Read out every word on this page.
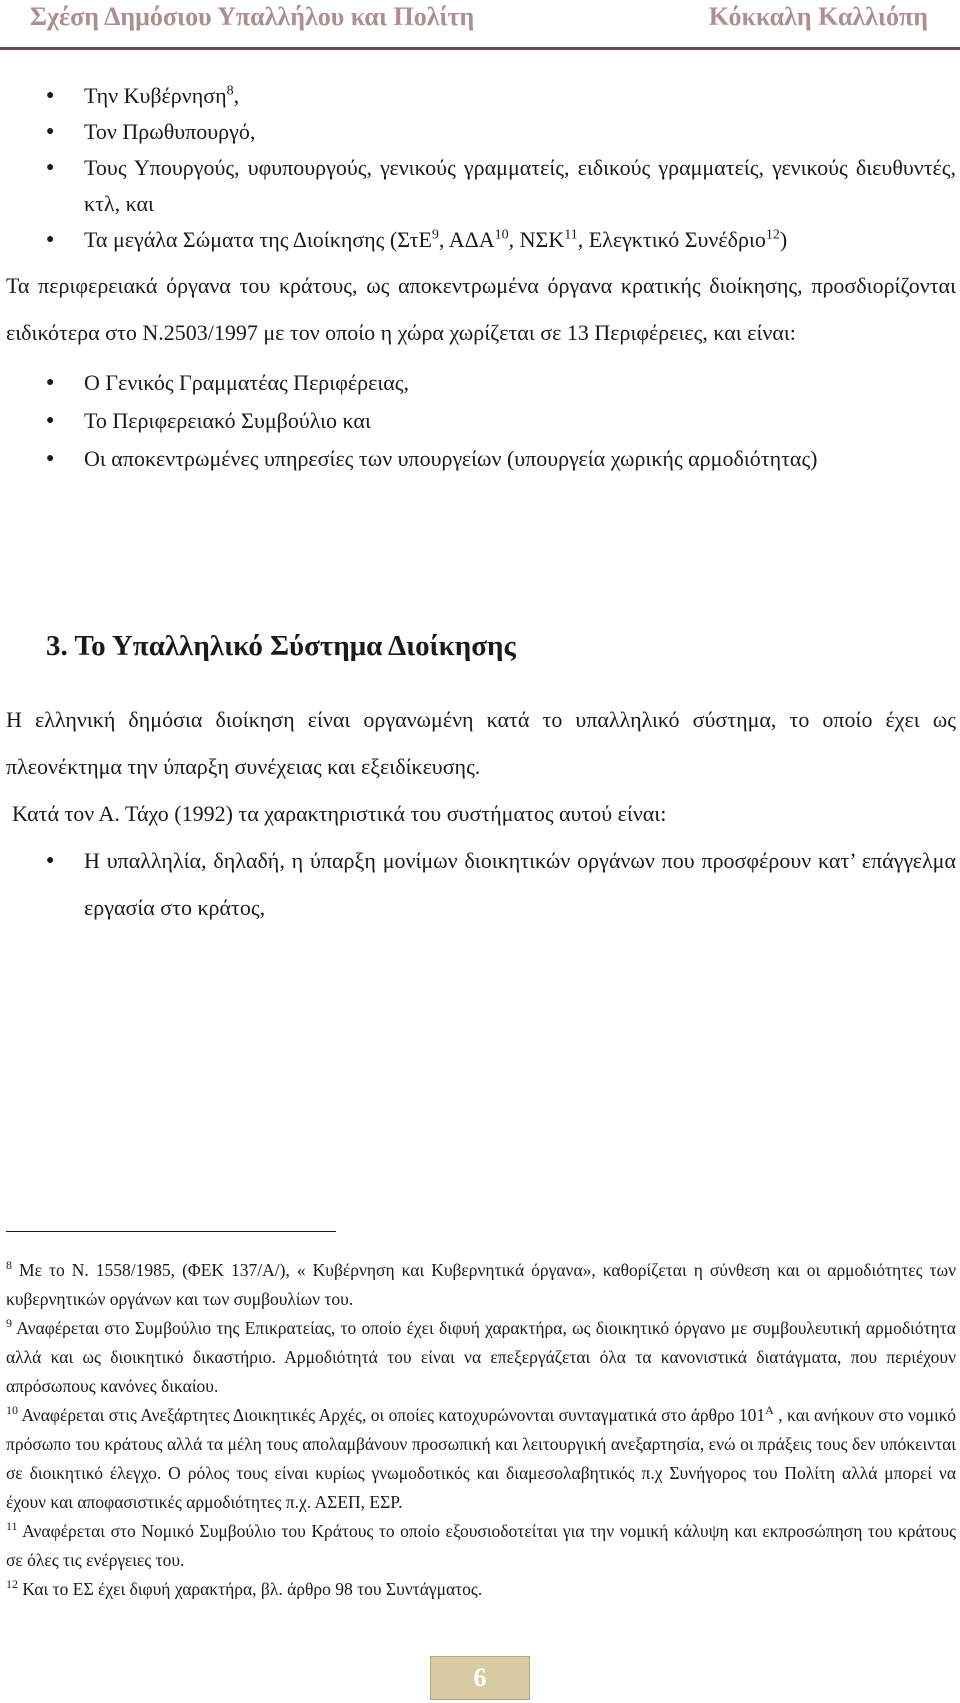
Σχέση Δημόσιου Υπαλλήλου και Πολίτη	Κόκκαλη Καλλιόπη
● Την Κυβέρνηση$^8$,
● Τον Πρωθυπουργό,
● Τους Υπουργούς, υφυπουργούς, γενικούς γραμματείς, ειδικούς γραμματείς, γενικούς διευθυντές, κτλ, και
● Τα μεγάλα Σώματα της Διοίκησης (ΣτΕ$^9$, ΑΔΑ$^{10}$, ΝΣΚ$^{11}$, Ελεγκτικό Συνέδριο$^{12}$)

Τα περιφερειακά όργανα του κράτους, ως αποκεντρωμένα όργανα κρατικής διοίκησης, προσδιορίζονται ειδικότερα στο Ν.2503/1997 με τον οποίο η χώρα χωρίζεται σε 13 Περιφέρειες, και είναι:

● Ο Γενικός Γραμματέας Περιφέρειας,
● Το Περιφερειακό Συμβούλιο και
● Οι αποκεντρωμένες υπηρεσίες των υπουργείων (υπουργεία χωρικής αρμοδιότητας)
3. Το Υπαλληλικό Σύστημα Διοίκησης

Η ελληνική δημόσια διοίκηση είναι οργανωμένη κατά το υπαλληλικό σύστημα, το οποίο έχει ως πλεονέκτημα την ύπαρξη συνέχειας και εξειδίκευσης.

Κατά τον Α. Τάχο (1992) τα χαρακτηριστικά του συστήματος αυτού είναι:

● Η υπαλληλία, δηλαδή, η ύπαρξη μονίμων διοικητικών οργάνων που προσφέρουν κατ’ επάγγελμα εργασία στο κράτος,

$^8$ Με το Ν. 1558/1985, (ΦΕΚ 137/Α/), « Κυβέρνηση και Κυβερνητικά όργανα», καθορίζεται η σύνθεση και οι αρμοδιότητες των κυβερνητικών οργάνων και των συμβουλίων του.

$^9$ Αναφέρεται στο Συμβούλιο της Επικρατείας, το οποίο έχει διφυή χαρακτήρα, ως διοικητικό όργανο με συμβουλευτική αρμοδιότητα αλλά και ως διοικητικό δικαστήριο. Αρμοδιότητά του είναι να επεξεργάζεται όλα τα κανονιστικά διατάγματα, που περιέχουν απρόσωπους κανόνες δικαίου.

$^{10}$ Αναφέρεται στις Ανεξάρτητες Διοικητικές Αρχές, οι οποίες κατοχυρώνονται συνταγματικά στο άρθρο $101^A$ , και ανήκουν στο νομικό πρόσωπο του κράτους αλλά τα μέλη τους απολαμβάνουν προσωπική και λειτουργική ανεξαρτησία, ενώ οι πράξεις τους δεν υπόκεινται σε διοικητικό έλεγχο. Ο ρόλος τους είναι κυρίως γνωμοδοτικός και διαμεσολαβητικός π.χ Συνήγορος του Πολίτη αλλά μπορεί να έχουν και αποφασιστικές αρμοδιότητες π.χ. ΑΣΕΠ, ΕΣΡ.

$^{11}$ Αναφέρεται στο Νομικό Συμβούλιο του Κράτους το οποίο εξουσιοδοτείται για την νομική κάλυψη και εκπροσώπηση του κράτους σε όλες τις ενέργειες του.

$^{12}$ Και το ΕΣ έχει διφυή χαρακτήρα, βλ. άρθρο 98 του Συντάγματος.

6
